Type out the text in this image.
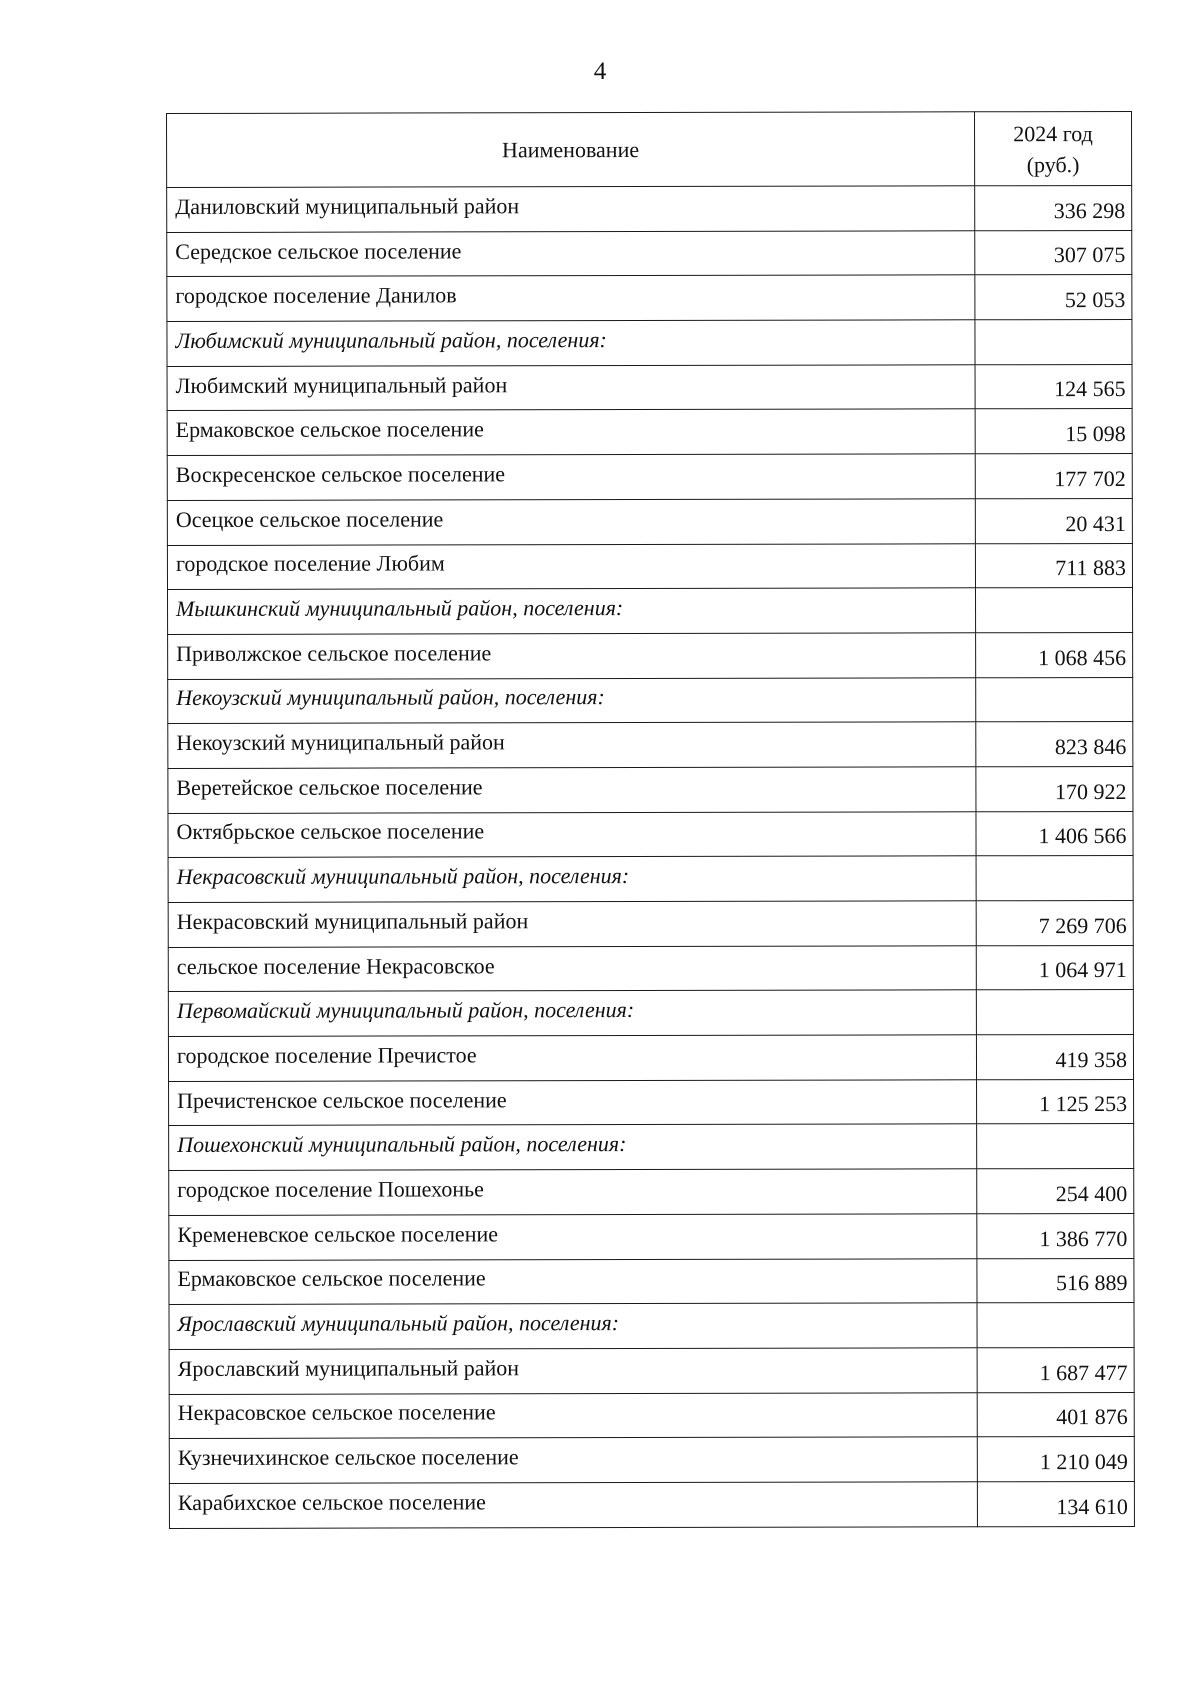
4
Наименование	2024 год
(руб.)
Даниловский муниципальный район	336 298
Середское сельское поселение	307 075
городское поселение Данилов	52 053
Любимский муниципальный район, поселения:	
Любимский муниципальный район	124 565
Ермаковское сельское поселение	15 098
Воскресенское сельское поселение	177 702
Осецкое сельское поселение	20 431
городское поселение Любим	711 883
Мышкинский муниципальный район, поселения:	
Приволжское сельское поселение	1 068 456
Некоузский муниципальный район, поселения:	
Некоузский муниципальный район	823 846
Веретейское сельское поселение	170 922
Октябрьское сельское поселение	1 406 566
Некрасовский муниципальный район, поселения:	
Некрасовский муниципальный район	7 269 706
сельское поселение Некрасовское	1 064 971
Первомайский муниципальный район, поселения:	
городское поселение Пречистое	419 358
Пречистенское сельское поселение	1 125 253
Пошехонский муниципальный район, поселения:	
городское поселение Пошехонье	254 400
Кременевское сельское поселение	1 386 770
Ермаковское сельское поселение	516 889
Ярославский муниципальный район, поселения:	
Ярославский муниципальный район	1 687 477
Некрасовское сельское поселение	401 876
Кузнечихинское сельское поселение	1 210 049
Карабихское сельское поселение	134 610
